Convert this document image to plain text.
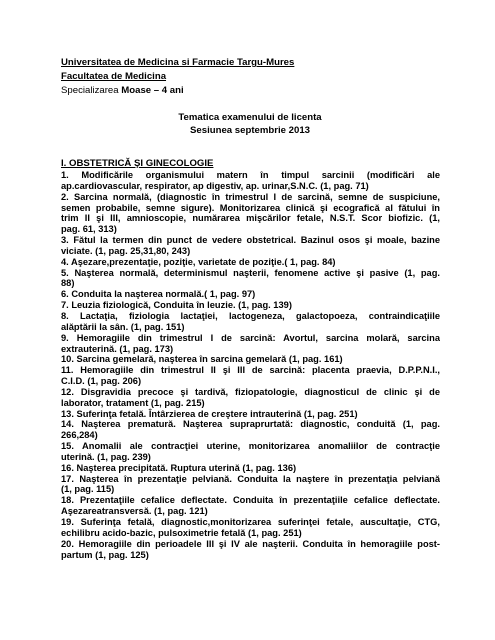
Universitatea de Medicina si Farmacie Targu-Mures
Facultatea de Medicina
Specializarea Moase – 4 ani
Tematica examenului de licenta
Sesiunea septembrie 2013
I. OBSTETRICĂ ŞI GINECOLOGIE
1. Modificările organismului matern în timpul sarcinii (modificări ale
ap.cardiovascular, respirator, ap digestiv, ap. urinar,S.N.C. (1, pag. 71)
2. Sarcina normală, (diagnostic în trimestrul I de sarcină, semne de suspiciune,
semen probabile, semne sigure). Monitorizarea clinică şi ecografică al fătului în
trim II şi III, amnioscopie, numărarea mişcărilor fetale, N.S.T. Scor biofizic. (1,
pag. 61, 313)
3. Fătul la termen din punct de vedere obstetrical. Bazinul osos şi moale, bazine
viciate. (1, pag. 25,31,80, 243)
4. Aşezare,prezentaţie, poziţie, varietate de poziţie.( 1, pag. 84)
5. Naşterea normală, determinismul naşterii, fenomene active şi pasive (1, pag.
88)
6. Conduita la naşterea normală.( 1, pag. 97)
7. Leuzia fiziologică, Conduita în leuzie. (1, pag. 139)
8. Lactaţia, fiziologia lactaţiei, lactogeneza, galactopoeza, contraindicaţiile
alăptării la sân. (1, pag. 151)
9. Hemoragiile din trimestrul I de sarcină: Avortul, sarcina molară, sarcina
extrauterină. (1, pag. 173)
10. Sarcina gemelară, naşterea în sarcina gemelară (1, pag. 161)
11. Hemoragiile din trimestrul II şi III de sarcină: placenta praevia, D.P.P.N.I.,
C.I.D. (1, pag. 206)
12. Disgravidia precoce şi tardivă, fiziopatologie, diagnosticul de clinic şi de
laborator, tratament (1, pag. 215)
13. Suferinţa fetală. Întârzierea de creştere intrauterină (1, pag. 251)
14. Naşterea prematură. Naşterea supraprurtată: diagnostic, conduită (1, pag.
266,284)
15. Anomalii ale contracţiei uterine, monitorizarea anomaliilor de contracţie
uterină. (1, pag. 239)
16. Naşterea precipitată. Ruptura uterină (1, pag. 136)
17. Naşterea în prezentaţie pelviană. Conduita la naştere în prezentaţia pelviană
(1, pag. 115)
18. Prezentaţiile cefalice deflectate. Conduita în prezentaţiile cefalice deflectate.
Aşezareatransversă. (1, pag. 121)
19. Suferinţa fetală, diagnostic,monitorizarea suferinţei fetale, auscultaţie, CTG,
echilibru acido-bazic, pulsoximetrie fetală (1, pag. 251)
20. Hemoragiile din perioadele III şi IV ale naşterii. Conduita în hemoragiile post-
partum (1, pag. 125)
